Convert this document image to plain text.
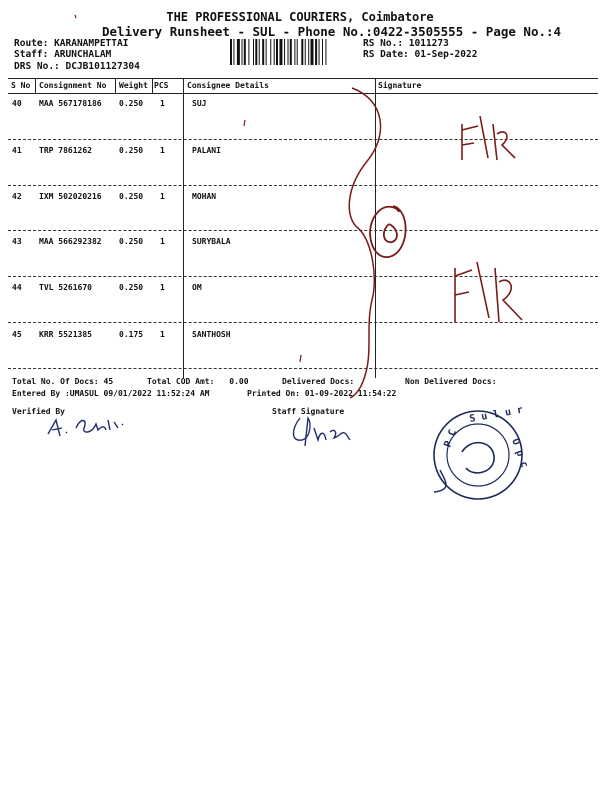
THE PROFESSIONAL COURIERS, Coimbatore
Delivery Runsheet - SUL - Phone No.:0422-3505555 - Page No.:4
Route: KARANAMPETTAI
Staff: ARUNCHALAM
DRS No.: DCJB101127304
RS No.: 1011273
RS Date: 01-Sep-2022
S No Consignment No Weight PCS Consignee Details	Signature
40 MAA 567178186 0.250 1	SUJ
41 TRP 7861262	0.250 1	PALANI
42 IXM 502020216 0.250 1	MOHAN
43 MAA 566292382 0.250 1	SURYBALA
44 TVL 5261670	0.250 1	OM
45 KRR 5521385	0.175 1	SANTHOSH
Total No. Of Docs: 45	Total COD Amt: 0.00	Delivered Docs:	Non Delivered Docs:
Entered By :UMASUL 09/01/2022 11:52:24 AM	Printed On: 01-09-2022 11:54:22
Verified By	Staff Signature
P C
S u l u r
O p c
